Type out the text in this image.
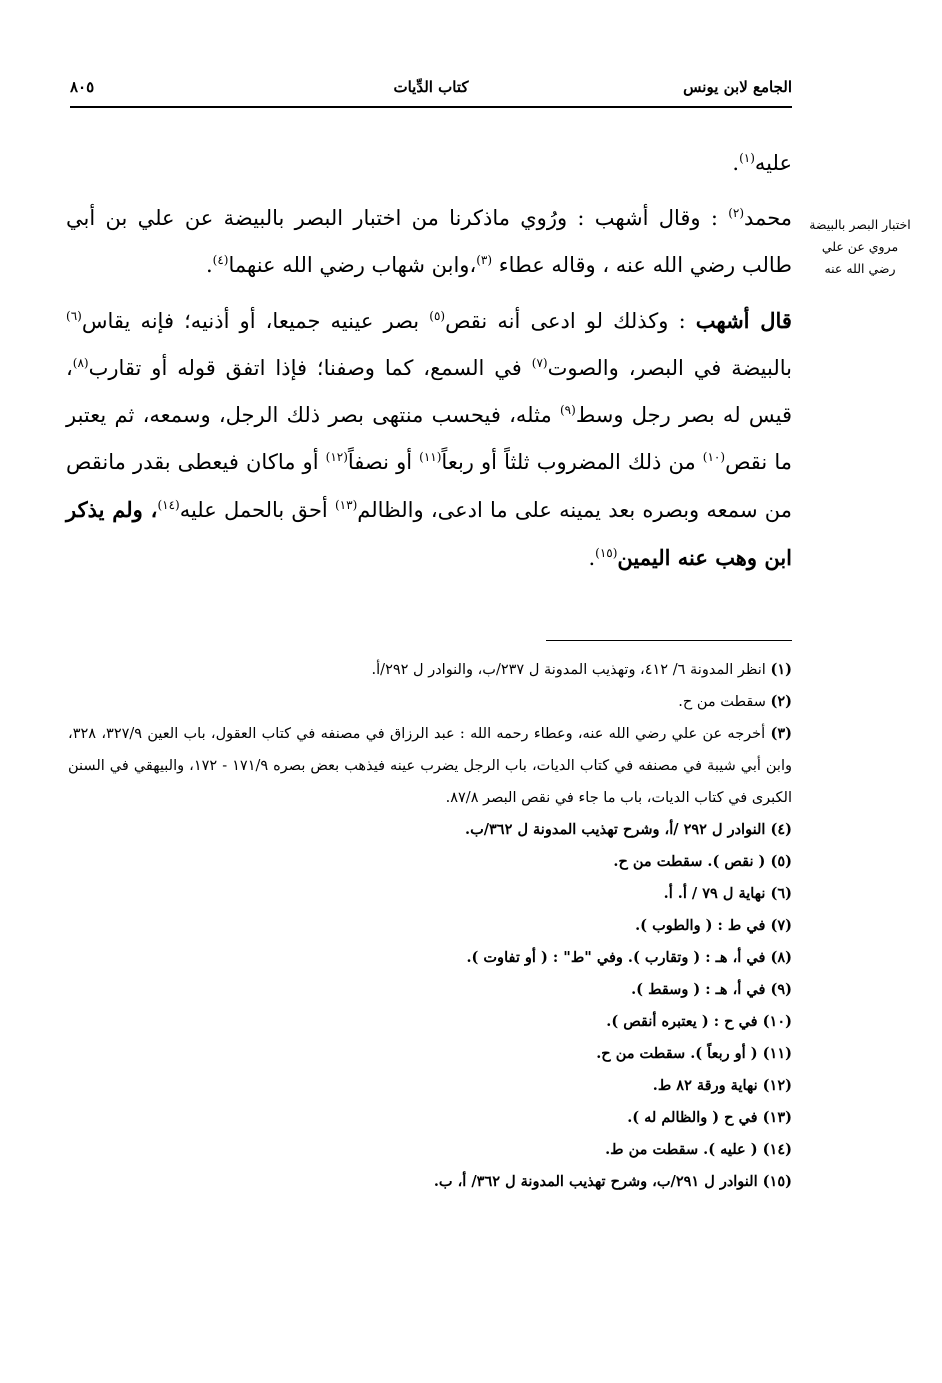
الجامع لابن يونس
كتاب الدِّيات
٨٠٥
اختبار البصر بالبيضة مروي عن علي رضي الله عنه

عليه$^{(١)}$.

محمد$^{(٢)}$ : وقال أشهب : ورُوي ماذكرنا من اختبار البصر بالبيضة عن علي بن أبي طالب رضي الله عنه ، وقاله عطاء $^{(٣)}$،وابن شهاب رضي الله عنهما$^{(٤)}$.

قال أشهب : وكذلك لو ادعى أنه نقص$^{(٥)}$ بصر عينيه جميعا، أو أذنيه؛ فإنه يقاس$^{(٦)}$ بالبيضة في البصر، والصوت$^{(٧)}$ في السمع، كما وصفنا؛ فإذا اتفق قوله أو تقارب$^{(٨)}$، قيس له بصر رجل وسط$^{(٩)}$ مثله، فيحسب منتهى بصر ذلك الرجل، وسمعه، ثم يعتبر ما نقص$^{(١٠)}$ من ذلك المضروب ثلثاً أو ربعاً$^{(١١)}$ أو نصفاً$^{(١٢)}$ أو ماكان فيعطى بقدر مانقص من سمعه وبصره بعد يمينه على ما ادعى، والظالم$^{(١٣)}$ أحق بالحمل عليه$^{(١٤)}$، ولم يذكر ابن وهب عنه اليمين$^{(١٥)}$.

(١) انظر المدونة ٦/ ٤١٢، وتهذيب المدونة ل ٢٣٧/ب، والنوادر ل ٢٩٢/أ.
(٢) سقطت من ح.
(٣) أخرجه عن علي رضي الله عنه، وعطاء رحمه الله : عبد الرزاق في مصنفه في كتاب العقول، باب العين ٣٢٧/٩، ٣٢٨، وابن أبي شيبة في مصنفه في كتاب الديات، باب الرجل يضرب عينه فيذهب بعض بصره ١٧١/٩ - ١٧٢، والبيهقي في السنن الكبرى في كتاب الديات، باب ما جاء في نقص البصر ٨٧/٨.
(٤) النوادر ل ٢٩٢ /أ، وشرح تهذيب المدونة ل ٣٦٢/ب.
(٥) ( نقص ). سقطت من ح.
(٦) نهاية ل ٧٩ / أ. أ.
(٧) في ط : ( والطوب ).
(٨) في أ، هـ : ( وتقارب ). وفي "ط" : ( أو تفاوت ).
(٩) في أ، هـ : ( وسقط ).
(١٠) في ح : ( يعتبره أنقص ).
(١١) ( أو ربعاً ). سقطت من ح.
(١٢) نهاية ورقة ٨٢ ط.
(١٣) في ح ( والظالم له ).
(١٤) ( عليه ). سقطت من ط.
(١٥) النوادر ل ٢٩١/ب، وشرح تهذيب المدونة ل ٣٦٢/ أ، ب.
